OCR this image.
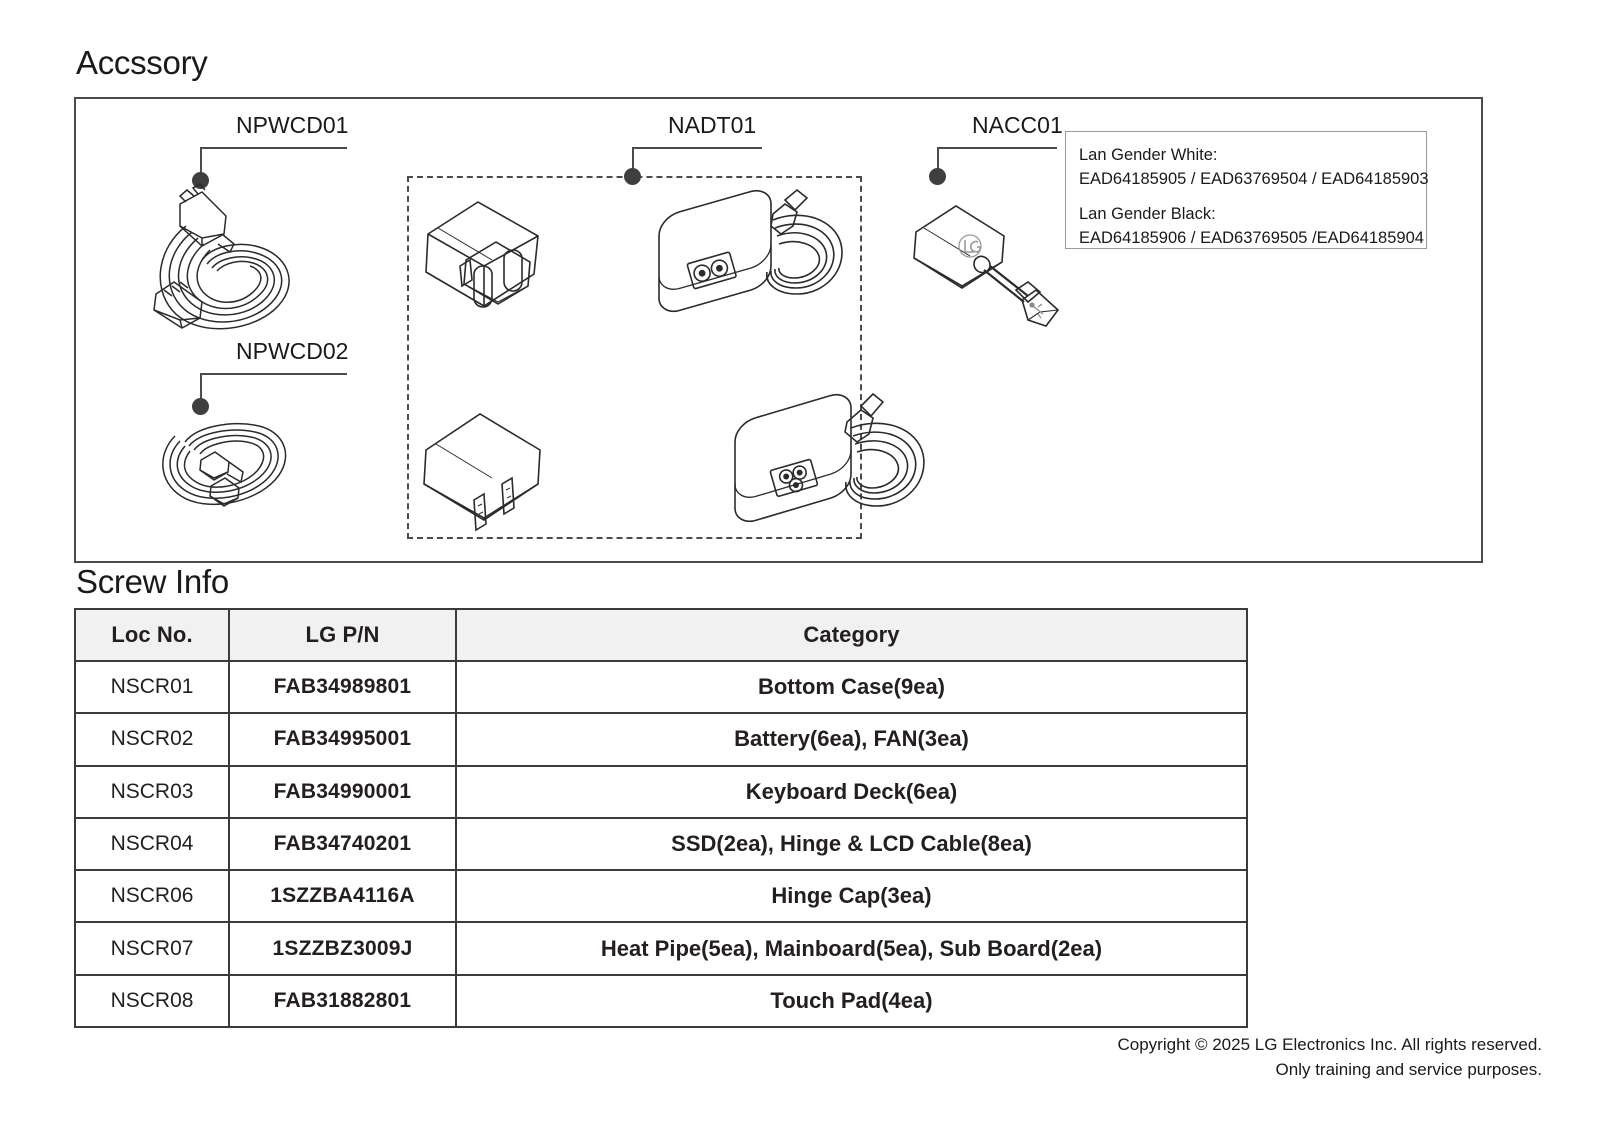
Accssory
NPWCD01
NPWCD02
NADT01	NACC01
Lan Gender White:
EAD64185905 / EAD63769504 / EAD64185903
Lan Gender Black:
EAD64185906 / EAD63769505 /EAD64185904
Screw Info
Loc No.	LG P/N	Category
NSCR01	FAB34989801	Bottom Case(9ea)
NSCR02	FAB34995001	Battery(6ea), FAN(3ea)
NSCR03	FAB34990001	Keyboard Deck(6ea)
NSCR04	FAB34740201	SSD(2ea), Hinge & LCD Cable(8ea)
NSCR06	1SZZBA4116A	Hinge Cap(3ea)
NSCR07	1SZZBZ3009J	Heat Pipe(5ea), Mainboard(5ea), Sub Board(2ea)
NSCR08	FAB31882801	Touch Pad(4ea)
Copyright © 2025 LG Electronics Inc. All rights reserved.
Only training and service purposes.
